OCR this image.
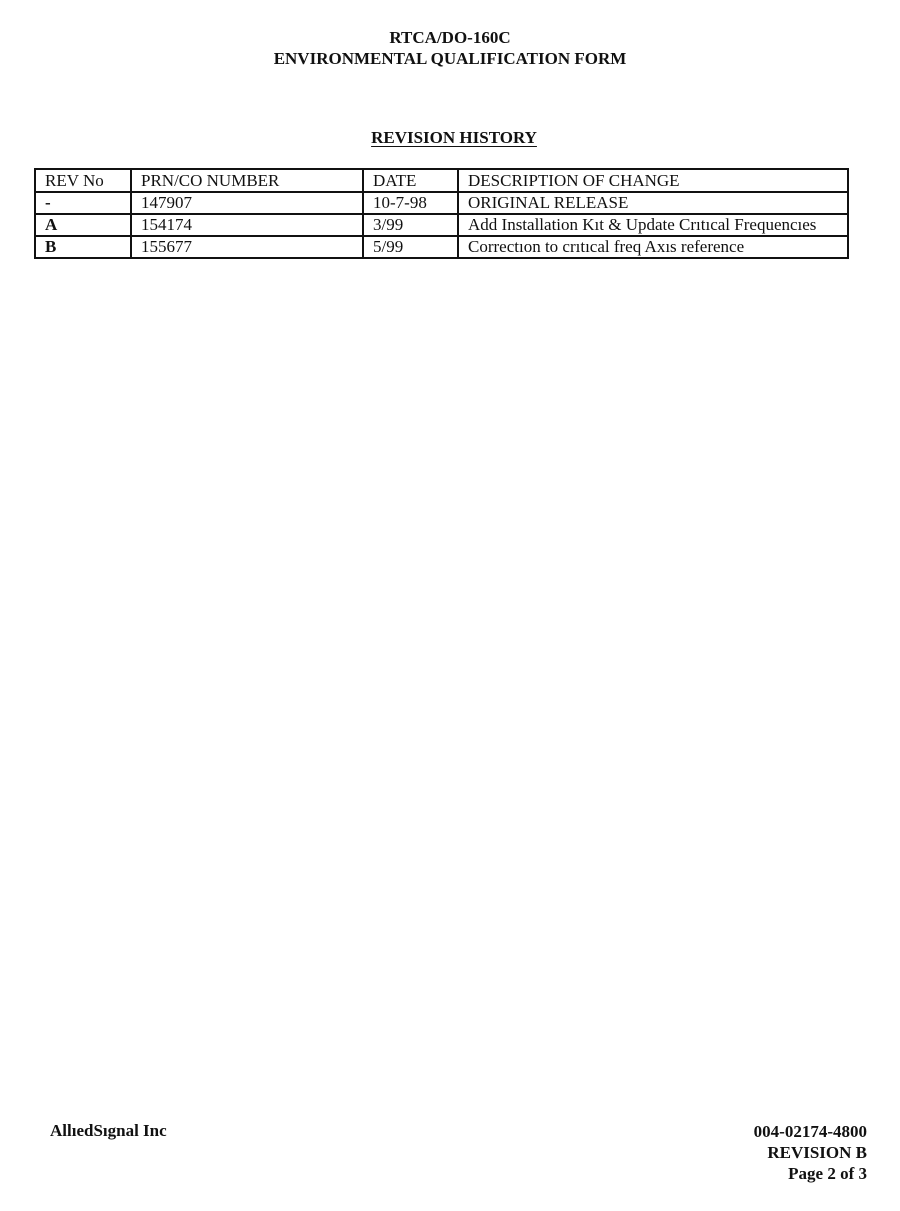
RTCA/DO-160C
ENVIRONMENTAL QUALIFICATION FORM
REVISION HISTORY
REV No	PRN/CO NUMBER	DATE	DESCRIPTION OF CHANGE
-	147907	10-7-98	ORIGINAL RELEASE
A	154174	3/99	Add Installation Kıt & Update Crıtıcal Frequencıes
B	155677	5/99	Correctıon to crıtıcal freq Axıs reference
AllıedSıgnal Inc	004-02174-4800
REVISION B
Page 2 of 3
